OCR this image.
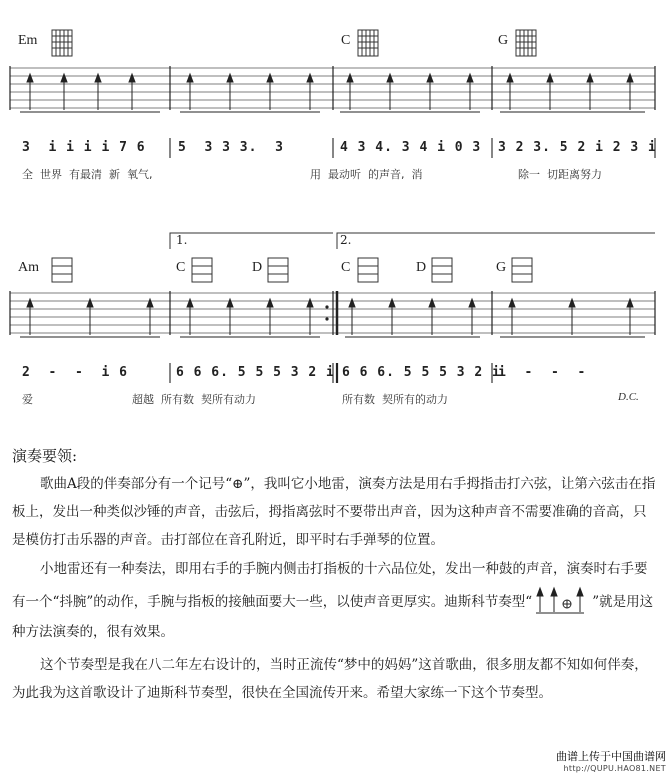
Em	C	G
3  i i i i 7 6 5  3 3 3.  3	4 3 4. 3 4 i 0 3 3 2 3. 5 2 i 2 3 i
全  世界  有最清  新  氧气,	用  最动听  的声音,  消	除一  切距离努力
1.	2.
Am	C	D	C	D	G
2  -  -  i 6	6 6 6. 5 5 5 3 2 i 6 6 6. 5 5 5 3 2 i
i  -  -  -
爱	超越  所有数  契所有动力	所有数  契所有的动力	D.C.

演奏要领:

歌曲A段的伴奏部分有一个记号“⊕”，我叫它小地雷，演奏方法是用右手拇指击打六弦，让第六弦击在指板上，发出一种类似沙锤的声音，击弦后，拇指离弦时不要带出声音，因为这种声音不需要准确的音高，只是模仿打击乐器的声音。击打部位在音孔附近，即平时右手弹琴的位置。

小地雷还有一种奏法，即用右手的手腕内侧击打指板的十六品位处，发出一种鼓的声音，演奏时右手要有一个“抖腕”的动作，手腕与指板的接触面要大一些，以使声音更厚实。迪斯科节奏型“	”就是用这种方法演奏的，很有效果。

这个节奏型是我在八二年左右设计的，当时正流传“梦中的妈妈”这首歌曲，很多朋友都不知如何伴奏，为此我为这首歌设计了迪斯科节奏型，很快在全国流传开来。希望大家练一下这个节奏型。

曲谱上传于中国曲谱网
http://QUPU.HAO81.NET
